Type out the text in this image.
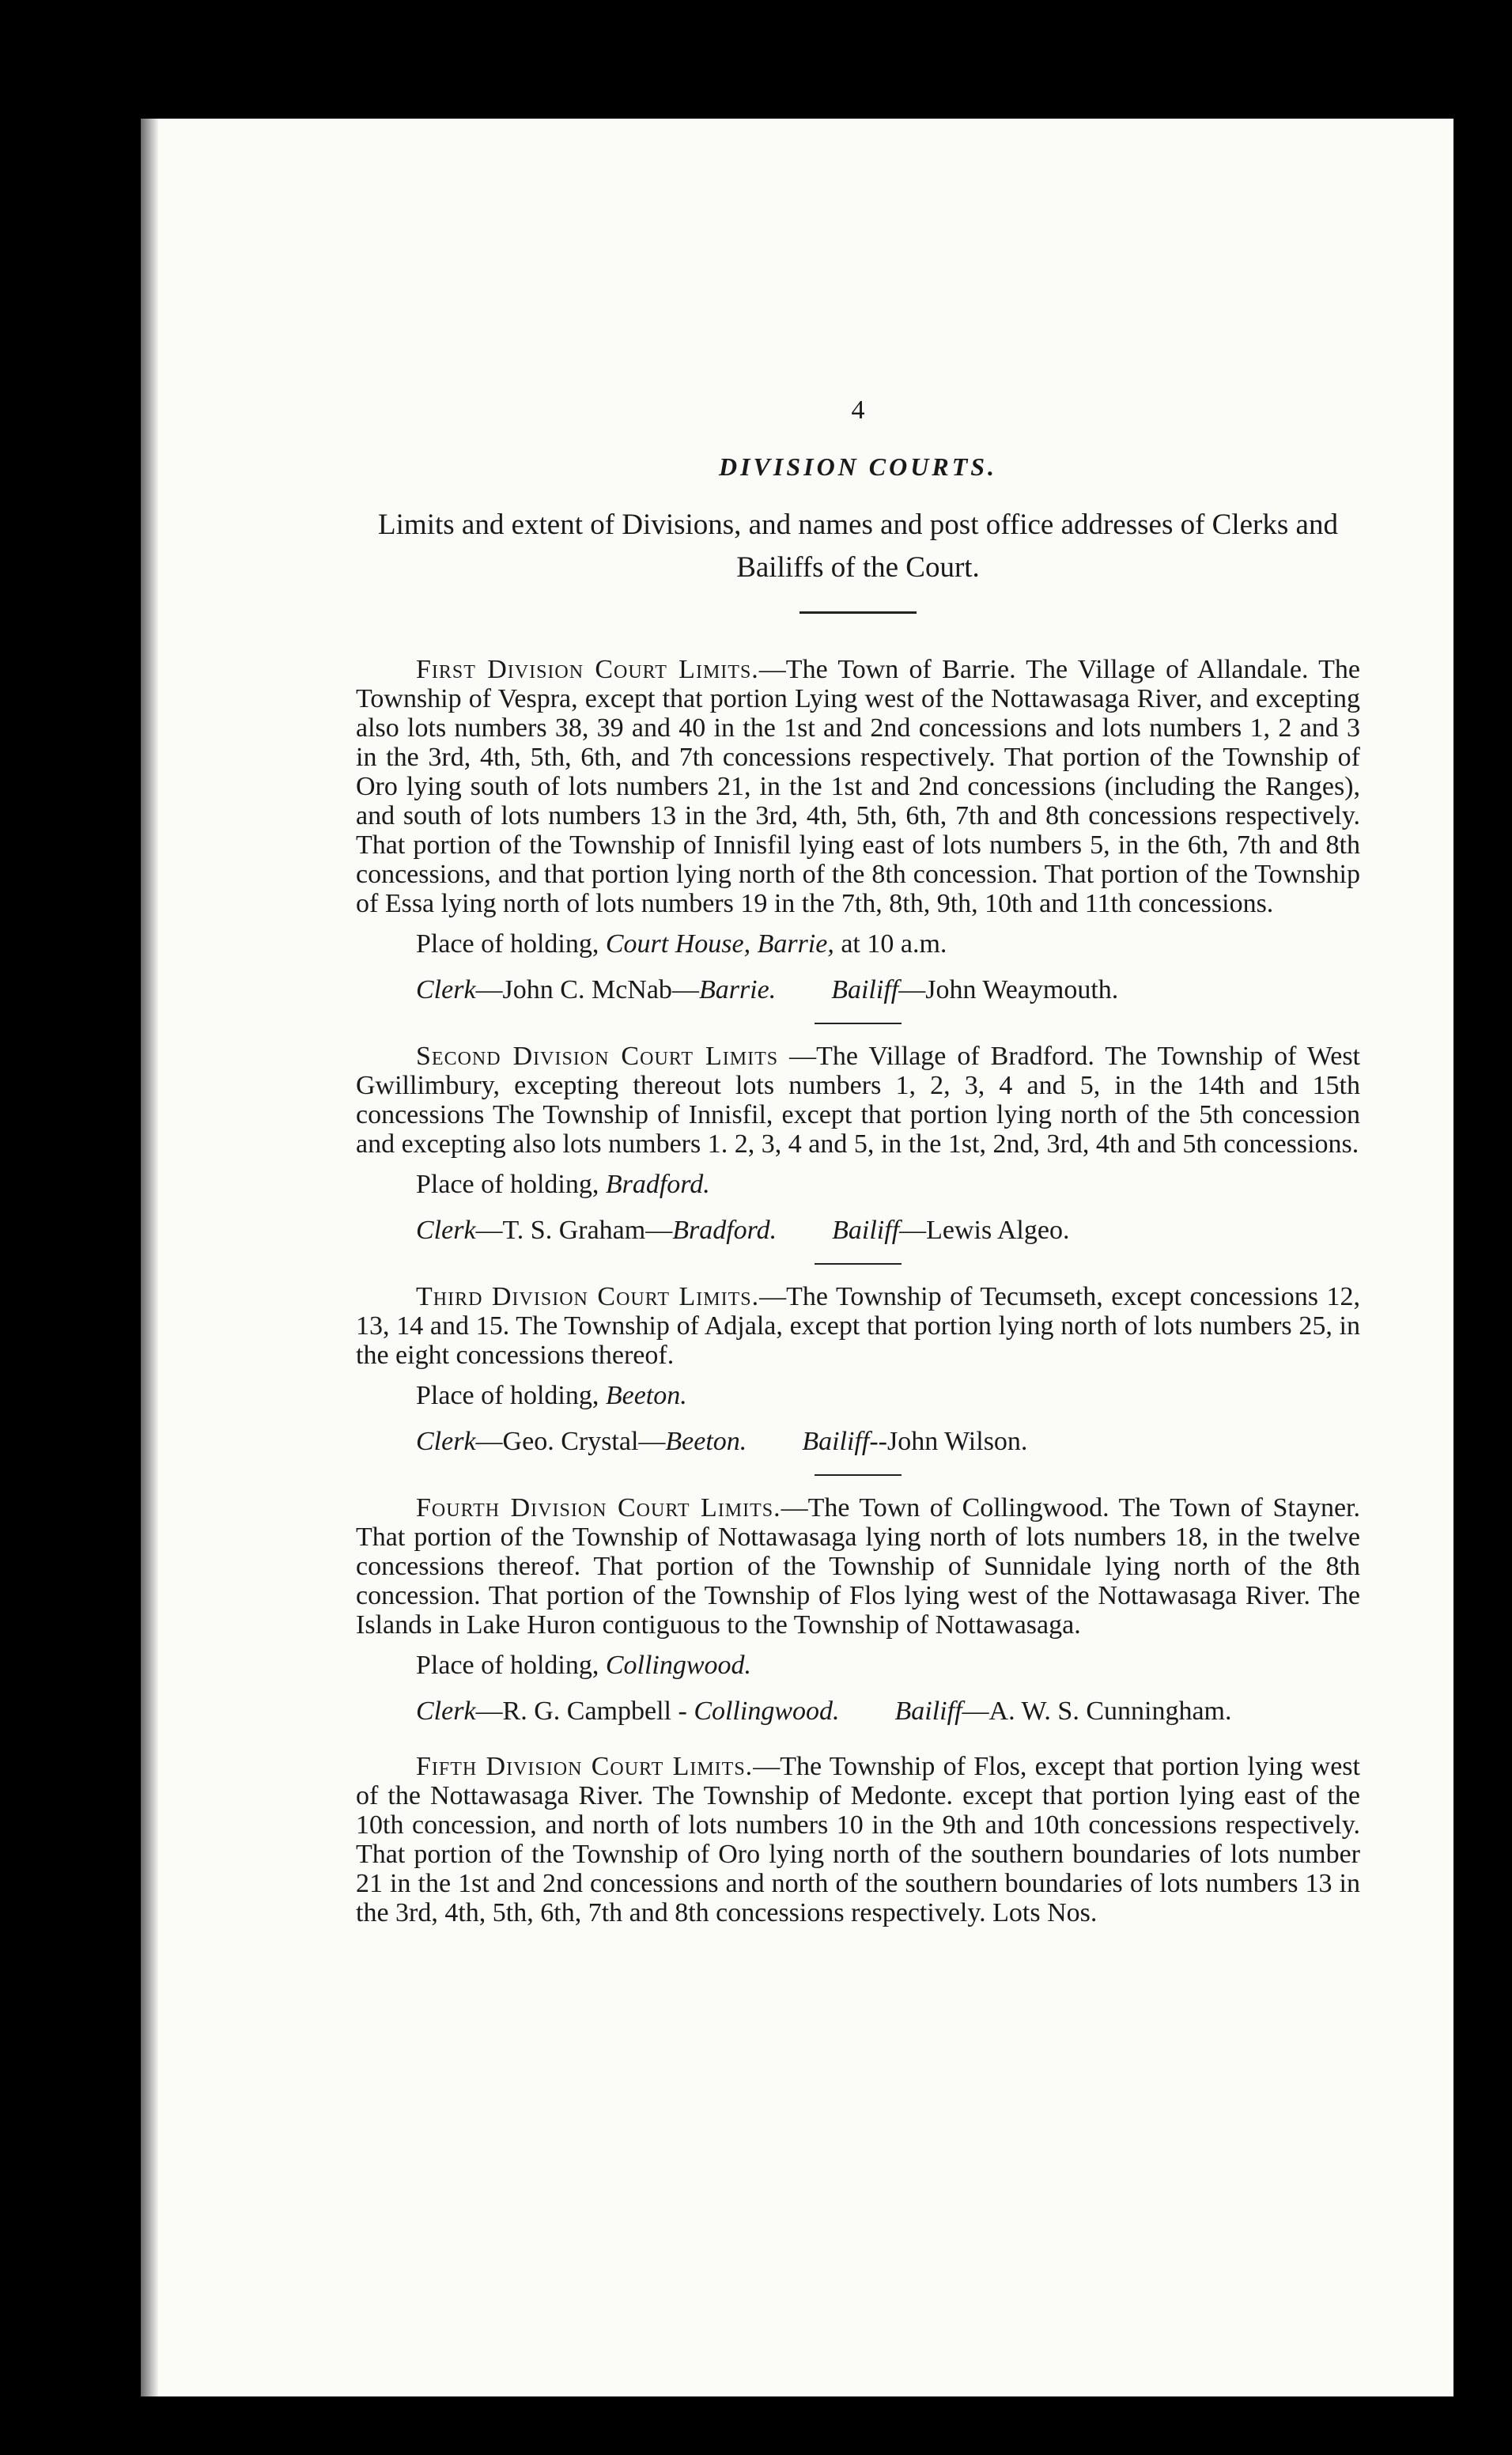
4
DIVISION COURTS.
Limits and extent of Divisions, and names and post office addresses of Clerks and Bailiffs of the Court.

First Division Court Limits.—The Town of Barrie. The Village of Allandale. The Township of Vespra, except that portion Lying west of the Nottawasaga River, and excepting also lots numbers 38, 39 and 40 in the 1st and 2nd concessions and lots numbers 1, 2 and 3 in the 3rd, 4th, 5th, 6th, and 7th concessions respectively. That portion of the Township of Oro lying south of lots numbers 21, in the 1st and 2nd concessions (including the Ranges), and south of lots numbers 13 in the 3rd, 4th, 5th, 6th, 7th and 8th concessions respectively. That portion of the Township of Innisfil lying east of lots numbers 5, in the 6th, 7th and 8th concessions, and that portion lying north of the 8th concession. That portion of the Township of Essa lying north of lots numbers 19 in the 7th, 8th, 9th, 10th and 11th concessions.

Place of holding, Court House, Barrie, at 10 a.m.

Clerk—John C. McNab—Barrie. Bailiff—John Weaymouth.

Second Division Court Limits —The Village of Bradford. The Township of West Gwillimbury, excepting thereout lots numbers 1, 2, 3, 4 and 5, in the 14th and 15th concessions The Township of Innisfil, except that portion lying north of the 5th concession and excepting also lots numbers 1. 2, 3, 4 and 5, in the 1st, 2nd, 3rd, 4th and 5th concessions.

Place of holding, Bradford.

Clerk—T. S. Graham—Bradford. Bailiff—Lewis Algeo.

Third Division Court Limits.—The Township of Tecumseth, except concessions 12, 13, 14 and 15. The Township of Adjala, except that portion lying north of lots numbers 25, in the eight concessions thereof.

Place of holding, Beeton.

Clerk—Geo. Crystal—Beeton. Bailiff--John Wilson.

Fourth Division Court Limits.—The Town of Collingwood. The Town of Stayner. That portion of the Township of Nottawasaga lying north of lots numbers 18, in the twelve concessions thereof. That portion of the Township of Sunnidale lying north of the 8th concession. That portion of the Township of Flos lying west of the Nottawasaga River. The Islands in Lake Huron contiguous to the Township of Nottawasaga.

Place of holding, Collingwood.

Clerk—R. G. Campbell - Collingwood. Bailiff—A. W. S. Cunningham.

Fifth Division Court Limits.—The Township of Flos, except that portion lying west of the Nottawasaga River. The Township of Medonte. except that portion lying east of the 10th concession, and north of lots numbers 10 in the 9th and 10th concessions respectively. That portion of the Township of Oro lying north of the southern boundaries of lots number 21 in the 1st and 2nd concessions and north of the southern boundaries of lots numbers 13 in the 3rd, 4th, 5th, 6th, 7th and 8th concessions respectively. Lots Nos.
